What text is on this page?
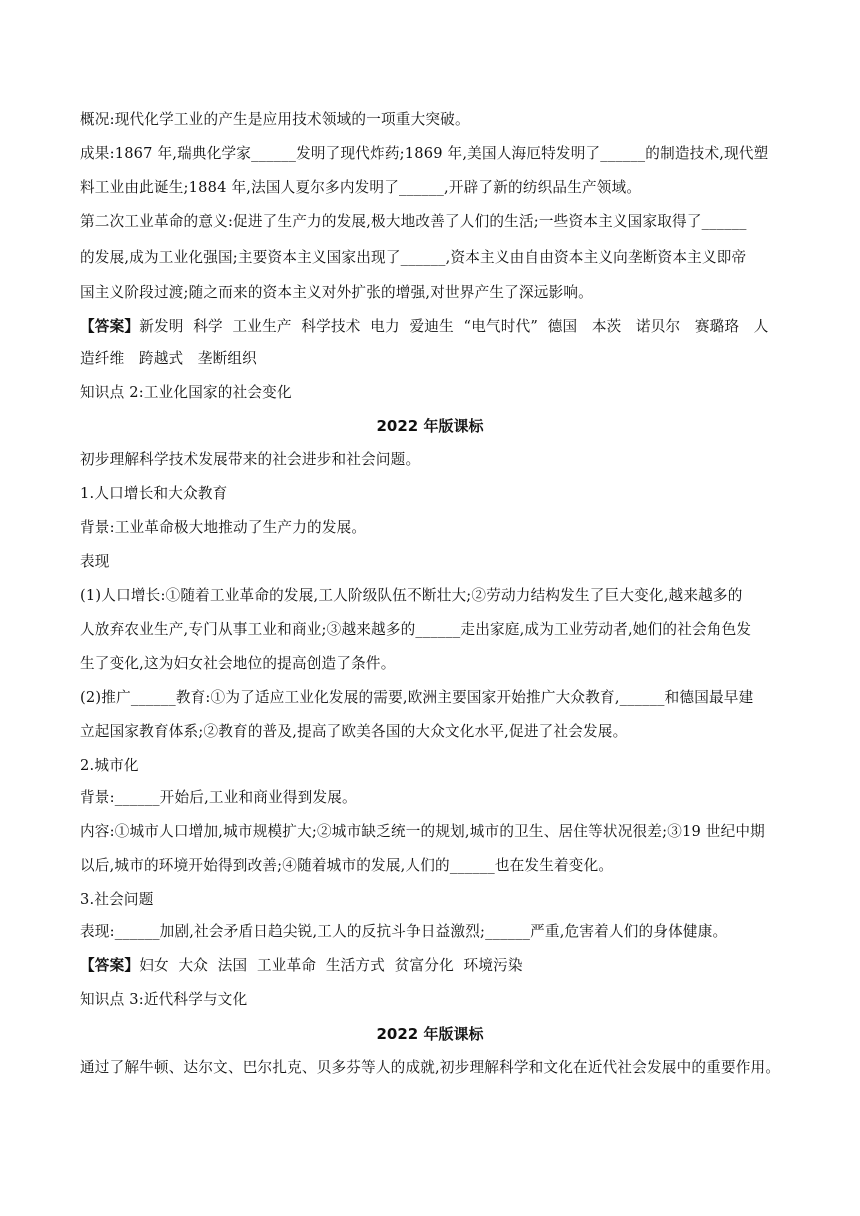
概况:现代化学工业的产生是应用技术领域的一项重大突破。
成果:1867 年,瑞典化学家______发明了现代炸药;1869 年,美国人海厄特发明了______的制造技术,现代塑
料工业由此诞生;1884 年,法国人夏尔多内发明了______,开辟了新的纺织品生产领域。
第二次工业革命的意义:促进了生产力的发展,极大地改善了人们的生活;一些资本主义国家取得了______
的发展,成为工业化强国;主要资本主义国家出现了______,资本主义由自由资本主义向垄断资本主义即帝
国主义阶段过渡;随之而来的资本主义对外扩张的增强,对世界产生了深远影响。
【答案】新发明  科学  工业生产  科学技术  电力  爱迪生  “电气时代”  德国   本茨   诺贝尔   赛璐珞   人
造纤维   跨越式   垄断组织
知识点 2:工业化国家的社会变化
2022 年版课标
初步理解科学技术发展带来的社会进步和社会问题。
1.人口增长和大众教育
背景:工业革命极大地推动了生产力的发展。
表现
(1)人口增长:①随着工业革命的发展,工人阶级队伍不断壮大;②劳动力结构发生了巨大变化,越来越多的
人放弃农业生产,专门从事工业和商业;③越来越多的______走出家庭,成为工业劳动者,她们的社会角色发
生了变化,这为妇女社会地位的提高创造了条件。
(2)推广______教育:①为了适应工业化发展的需要,欧洲主要国家开始推广大众教育,______和德国最早建
立起国家教育体系;②教育的普及,提高了欧美各国的大众文化水平,促进了社会发展。
2.城市化
背景:______开始后,工业和商业得到发展。
内容:①城市人口增加,城市规模扩大;②城市缺乏统一的规划,城市的卫生、居住等状况很差;③19 世纪中期
以后,城市的环境开始得到改善;④随着城市的发展,人们的______也在发生着变化。
3.社会问题
表现:______加剧,社会矛盾日趋尖锐,工人的反抗斗争日益激烈;______严重,危害着人们的身体健康。
【答案】妇女  大众  法国  工业革命  生活方式  贫富分化  环境污染
知识点 3:近代科学与文化
2022 年版课标
通过了解牛顿、达尔文、巴尔扎克、贝多芬等人的成就,初步理解科学和文化在近代社会发展中的重要作用。
